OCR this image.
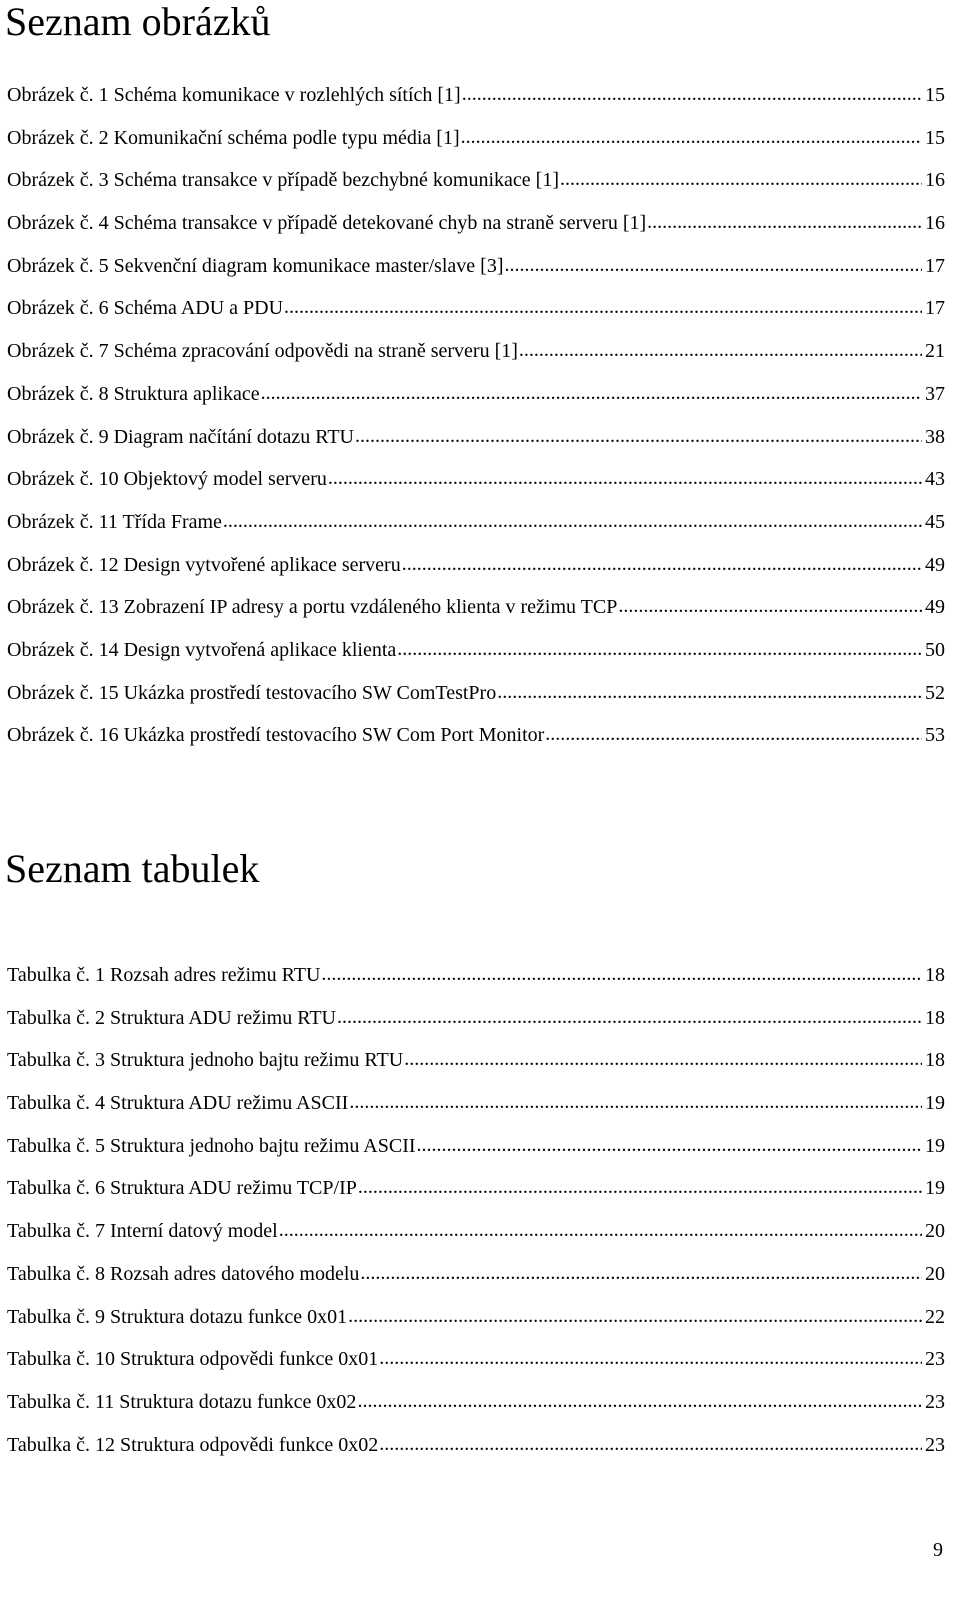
Seznam obrázků
Obrázek č. 1 Schéma komunikace v rozlehlých sítích [1] .....	15
Obrázek č. 2 Komunikační schéma podle typu média [1] .....	15
Obrázek č. 3 Schéma transakce v případě bezchybné komunikace [1] .....	16
Obrázek č. 4 Schéma transakce v případě detekované chyb na straně serveru [1] .....	16
Obrázek č. 5 Sekvenční diagram komunikace master/slave [3] .....	17
Obrázek č. 6 Schéma ADU a PDU .....	17
Obrázek č. 7 Schéma zpracování odpovědi na straně serveru [1] .....	21
Obrázek č. 8 Struktura aplikace .....	37
Obrázek č. 9 Diagram načítání dotazu RTU .....	38
Obrázek č. 10 Objektový model serveru .....	43
Obrázek č. 11 Třída Frame .....	45
Obrázek č. 12 Design vytvořené aplikace serveru .....	49
Obrázek č. 13 Zobrazení IP adresy a portu vzdáleného klienta v režimu TCP .....	49
Obrázek č. 14 Design vytvořená aplikace klienta .....	50
Obrázek č. 15 Ukázka prostředí testovacího SW ComTestPro .....	52
Obrázek č. 16 Ukázka prostředí testovacího SW Com Port Monitor .....	53
Seznam tabulek
Tabulka č. 1 Rozsah adres režimu RTU .....	18
Tabulka č. 2 Struktura ADU režimu RTU .....	18
Tabulka č. 3 Struktura jednoho bajtu režimu RTU .....	18
Tabulka č. 4 Struktura ADU režimu ASCII .....	19
Tabulka č. 5 Struktura jednoho bajtu režimu ASCII .....	19
Tabulka č. 6 Struktura ADU režimu TCP/IP .....	19
Tabulka č. 7 Interní datový model .....	20
Tabulka č. 8 Rozsah adres datového modelu .....	20
Tabulka č. 9 Struktura dotazu funkce 0x01 .....	22
Tabulka č. 10 Struktura odpovědi funkce 0x01 .....	23
Tabulka č. 11 Struktura dotazu funkce 0x02 .....	23
Tabulka č. 12 Struktura odpovědi funkce 0x02 .....	23
9
